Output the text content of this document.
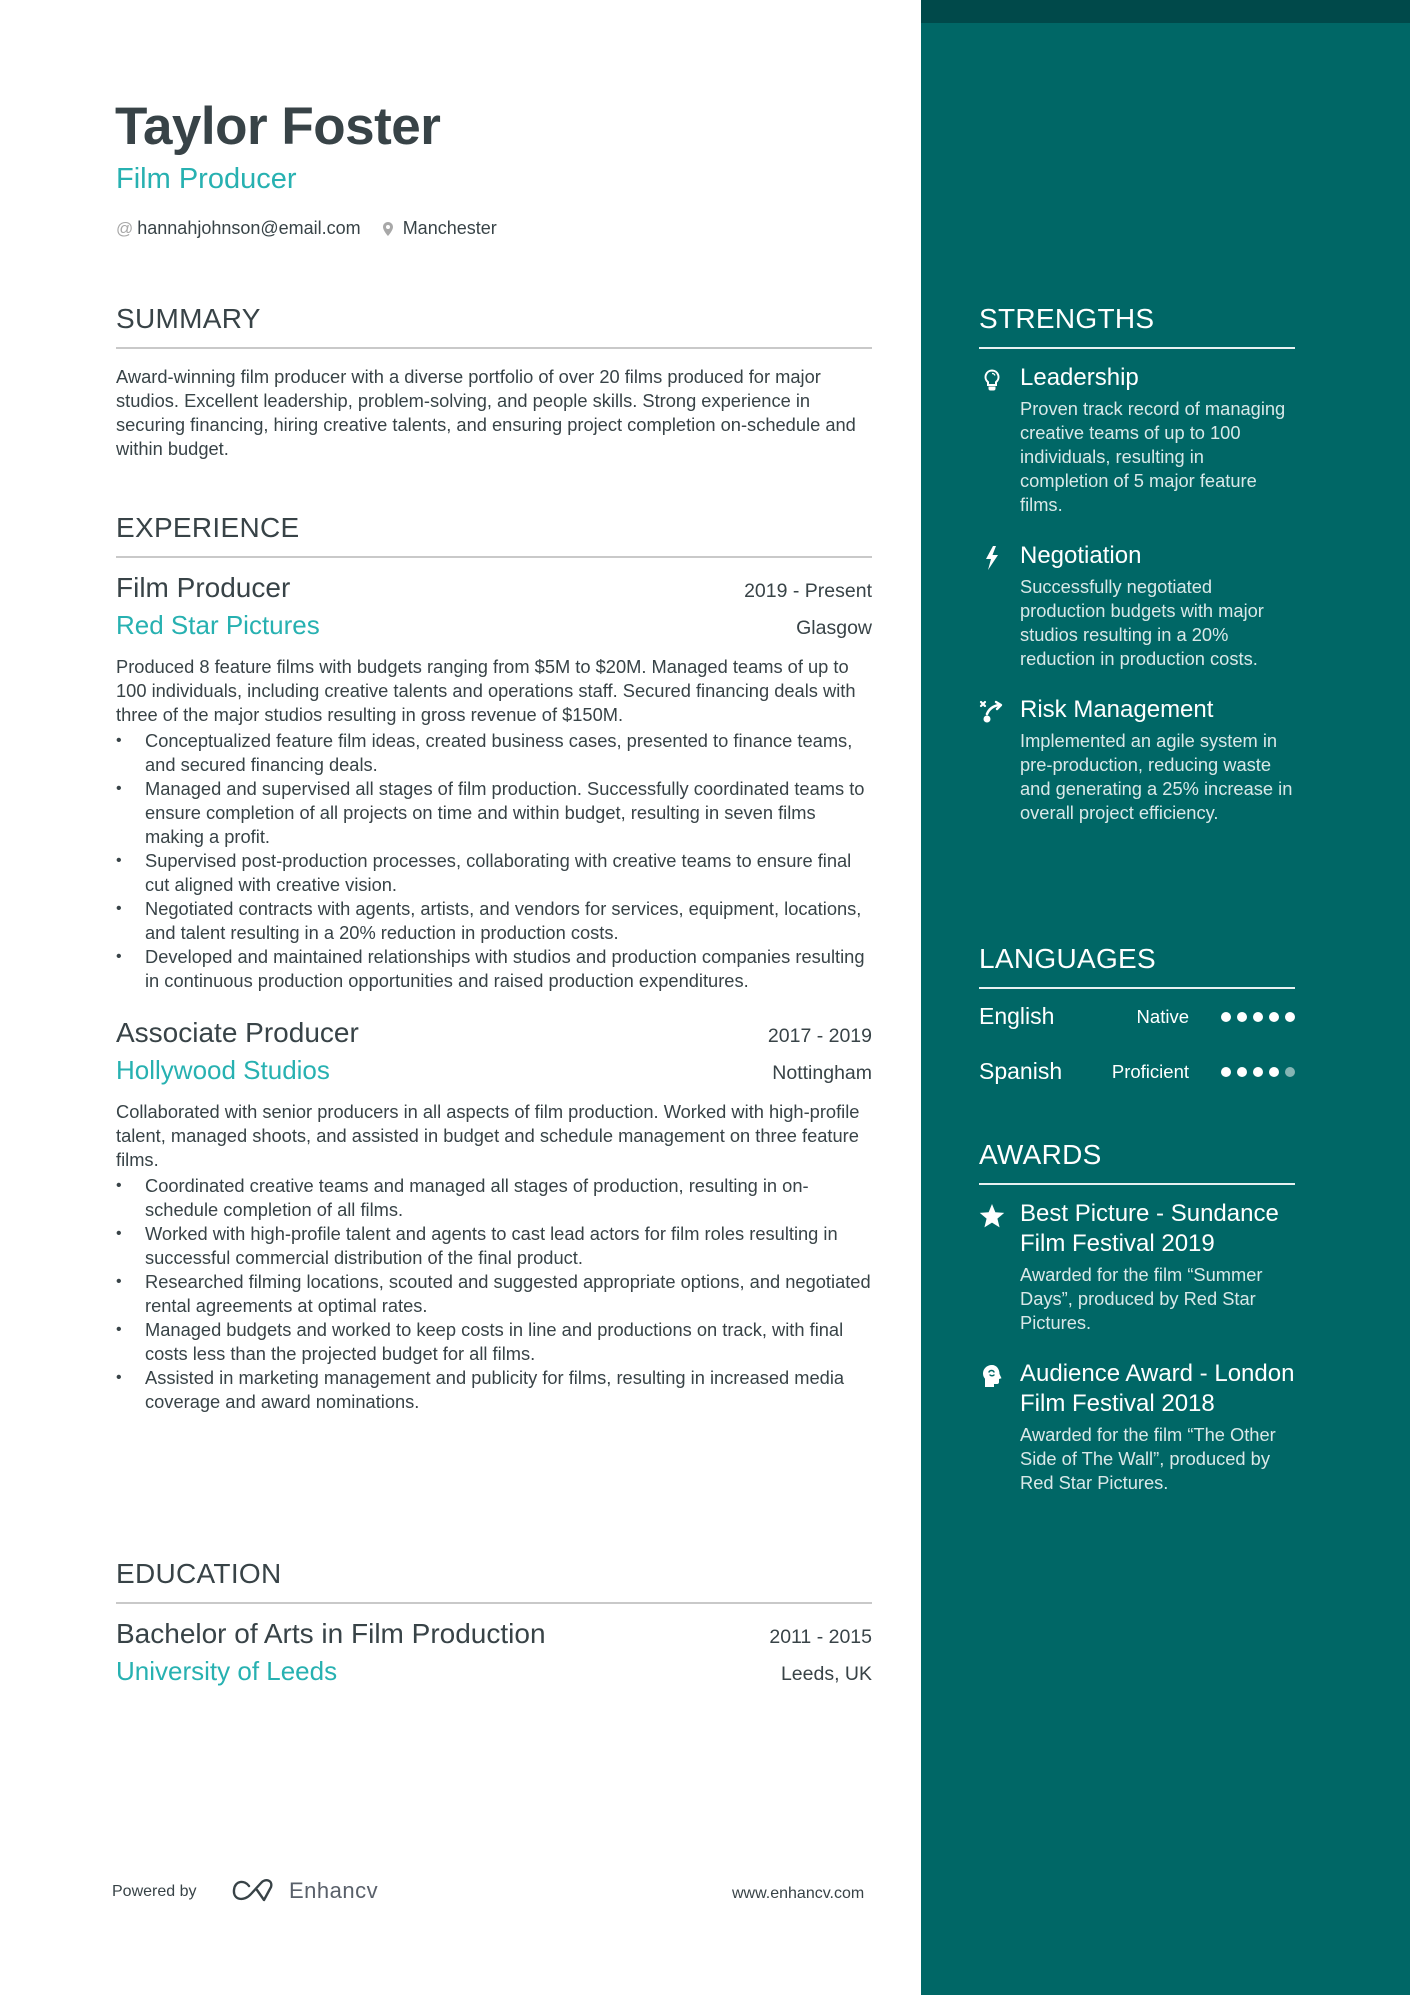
Taylor Foster
Film Producer
@ hannahjohnson@email.com Manchester
SUMMARY
Award-winning film producer with a diverse portfolio of over 20 films produced for major studios. Excellent leadership, problem-solving, and people skills. Strong experience in securing financing, hiring creative talents, and ensuring project completion on-schedule and within budget.
EXPERIENCE
Film Producer	2019 - Present
Red Star Pictures	Glasgow
Produced 8 feature films with budgets ranging from $5M to $20M. Managed teams of up to 100 individuals, including creative talents and operations staff. Secured financing deals with three of the major studios resulting in gross revenue of $150M.
• Conceptualized feature film ideas, created business cases, presented to finance teams, and secured financing deals.
• Managed and supervised all stages of film production. Successfully coordinated teams to ensure completion of all projects on time and within budget, resulting in seven films making a profit.
• Supervised post-production processes, collaborating with creative teams to ensure final cut aligned with creative vision.
• Negotiated contracts with agents, artists, and vendors for services, equipment, locations, and talent resulting in a 20% reduction in production costs.
• Developed and maintained relationships with studios and production companies resulting in continuous production opportunities and raised production expenditures.
Associate Producer	2017 - 2019
Hollywood Studios	Nottingham
Collaborated with senior producers in all aspects of film production. Worked with high-profile talent, managed shoots, and assisted in budget and schedule management on three feature films.
• Coordinated creative teams and managed all stages of production, resulting in on-schedule completion of all films.
• Worked with high-profile talent and agents to cast lead actors for film roles resulting in successful commercial distribution of the final product.
• Researched filming locations, scouted and suggested appropriate options, and negotiated rental agreements at optimal rates.
• Managed budgets and worked to keep costs in line and productions on track, with final costs less than the projected budget for all films.
• Assisted in marketing management and publicity for films, resulting in increased media coverage and award nominations.
EDUCATION
Bachelor of Arts in Film Production	2011 - 2015
University of Leeds	Leeds, UK
Powered by	Enhancv	www.enhancv.com
STRENGTHS
Leadership
Proven track record of managing creative teams of up to 100 individuals, resulting in completion of 5 major feature films.
Negotiation
Successfully negotiated production budgets with major studios resulting in a 20% reduction in production costs.
Risk Management
Implemented an agile system in pre-production, reducing waste and generating a 25% increase in overall project efficiency.
LANGUAGES
English	Native
Spanish	Proficient
AWARDS
Best Picture - Sundance Film Festival 2019
Awarded for the film “Summer Days”, produced by Red Star Pictures.
Audience Award - London Film Festival 2018
Awarded for the film “The Other Side of The Wall”, produced by Red Star Pictures.
